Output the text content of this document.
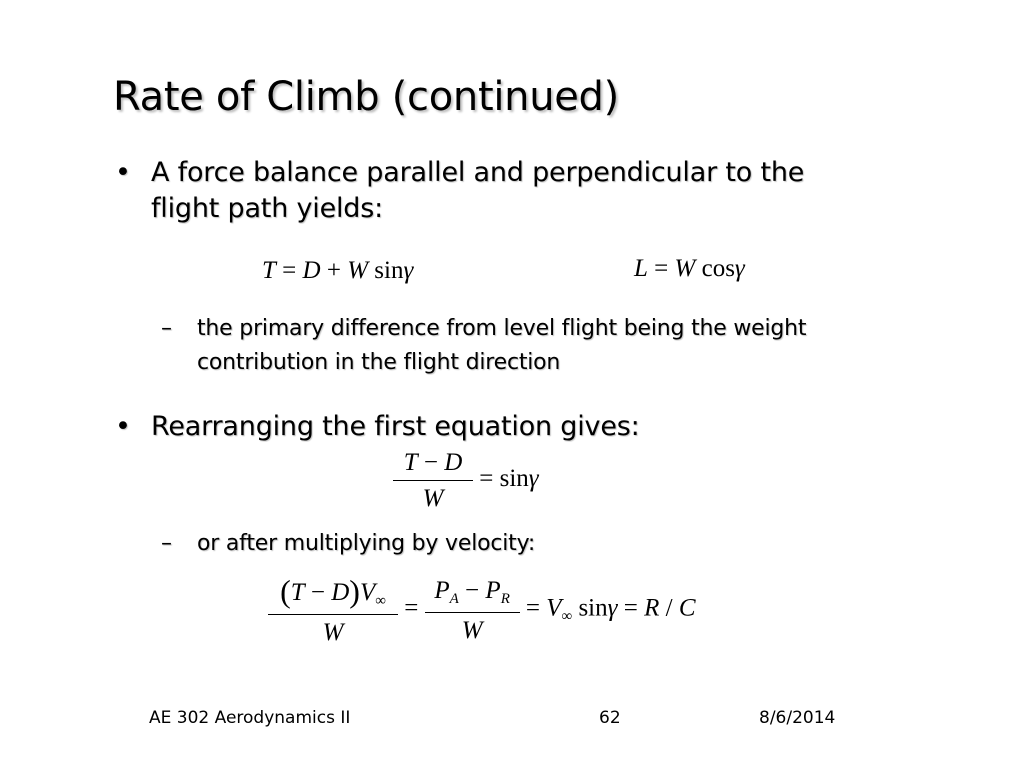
Rate of Climb (continued)
• A force balance parallel and perpendicular to the
flight path yields:
T = D + W sinγ	L = W cosγ
– the primary difference from level flight being the weight
contribution in the flight direction
• Rearranging the first equation gives:
$\frac{T - D}{W} = \sin\gamma$
– or after multiplying by velocity:
$\frac{(T - D)V_\infty}{W} = \frac{P_A - P_R}{W} = V_\infty$ sinγ = R / C
AE 302 Aerodynamics II	62	8/6/2014
